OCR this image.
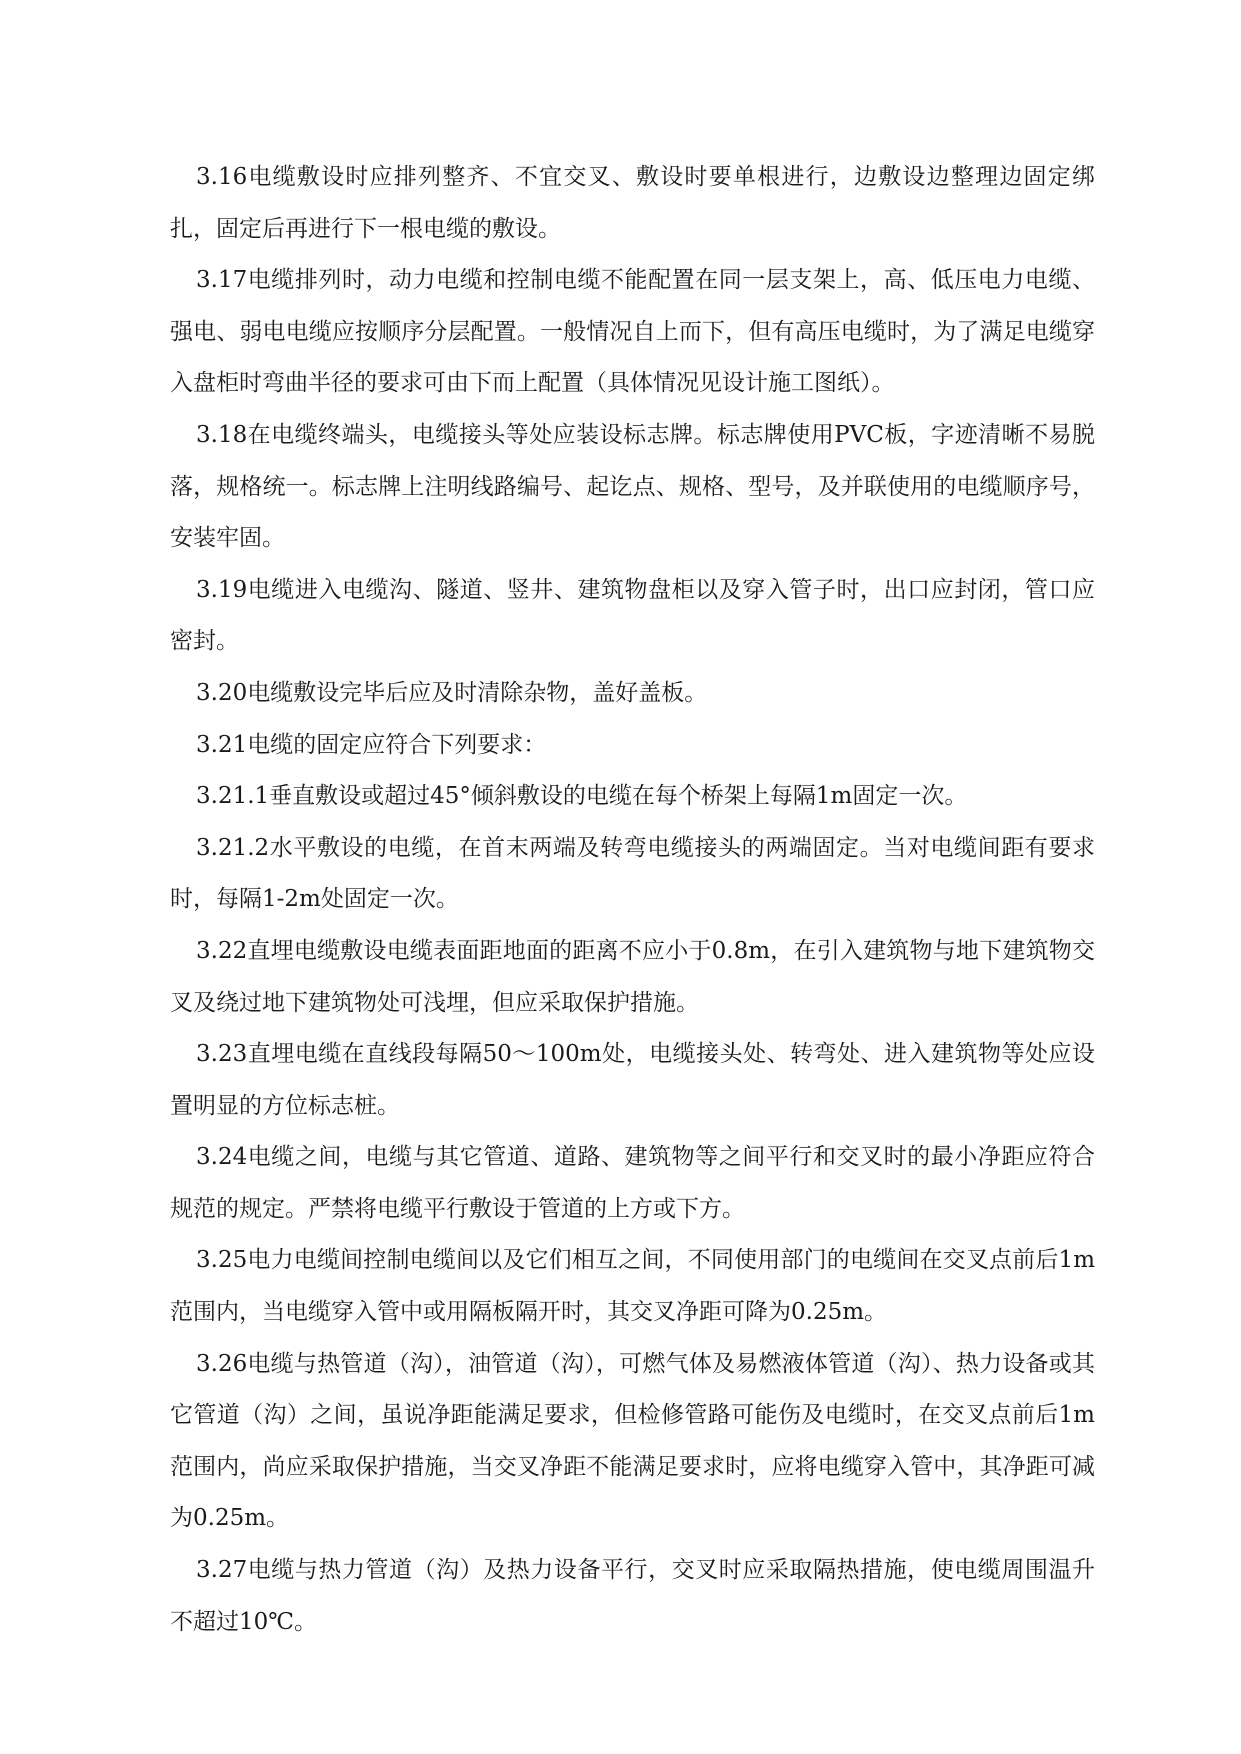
3.16电缆敷设时应排列整齐、不宜交叉、敷设时要单根进行，边敷设边整理边固定绑扎，固定后再进行下一根电缆的敷设。

3.17电缆排列时，动力电缆和控制电缆不能配置在同一层支架上，高、低压电力电缆、强电、弱电电缆应按顺序分层配置。一般情况自上而下，但有高压电缆时，为了满足电缆穿入盘柜时弯曲半径的要求可由下而上配置（具体情况见设计施工图纸）。

3.18在电缆终端头，电缆接头等处应装设标志牌。标志牌使用PVC板，字迹清晰不易脱落，规格统一。标志牌上注明线路编号、起讫点、规格、型号，及并联使用的电缆顺序号，安装牢固。

3.19电缆进入电缆沟、隧道、竖井、建筑物盘柜以及穿入管子时，出口应封闭，管口应密封。

3.20电缆敷设完毕后应及时清除杂物，盖好盖板。

3.21电缆的固定应符合下列要求：

3.21.1垂直敷设或超过45°倾斜敷设的电缆在每个桥架上每隔1m固定一次。

3.21.2水平敷设的电缆，在首末两端及转弯电缆接头的两端固定。当对电缆间距有要求时，每隔1-2m处固定一次。

3.22直埋电缆敷设电缆表面距地面的距离不应小于0.8m，在引入建筑物与地下建筑物交叉及绕过地下建筑物处可浅埋，但应采取保护措施。

3.23直埋电缆在直线段每隔50～100m处，电缆接头处、转弯处、进入建筑物等处应设置明显的方位标志桩。

3.24电缆之间，电缆与其它管道、道路、建筑物等之间平行和交叉时的最小净距应符合规范的规定。严禁将电缆平行敷设于管道的上方或下方。

3.25电力电缆间控制电缆间以及它们相互之间，不同使用部门的电缆间在交叉点前后1m范围内，当电缆穿入管中或用隔板隔开时，其交叉净距可降为0.25m。

3.26电缆与热管道（沟），油管道（沟），可燃气体及易燃液体管道（沟）、热力设备或其它管道（沟）之间，虽说净距能满足要求，但检修管路可能伤及电缆时，在交叉点前后1m范围内，尚应采取保护措施，当交叉净距不能满足要求时，应将电缆穿入管中，其净距可减为0.25m。

3.27电缆与热力管道（沟）及热力设备平行，交叉时应采取隔热措施，使电缆周围温升不超过10℃。
